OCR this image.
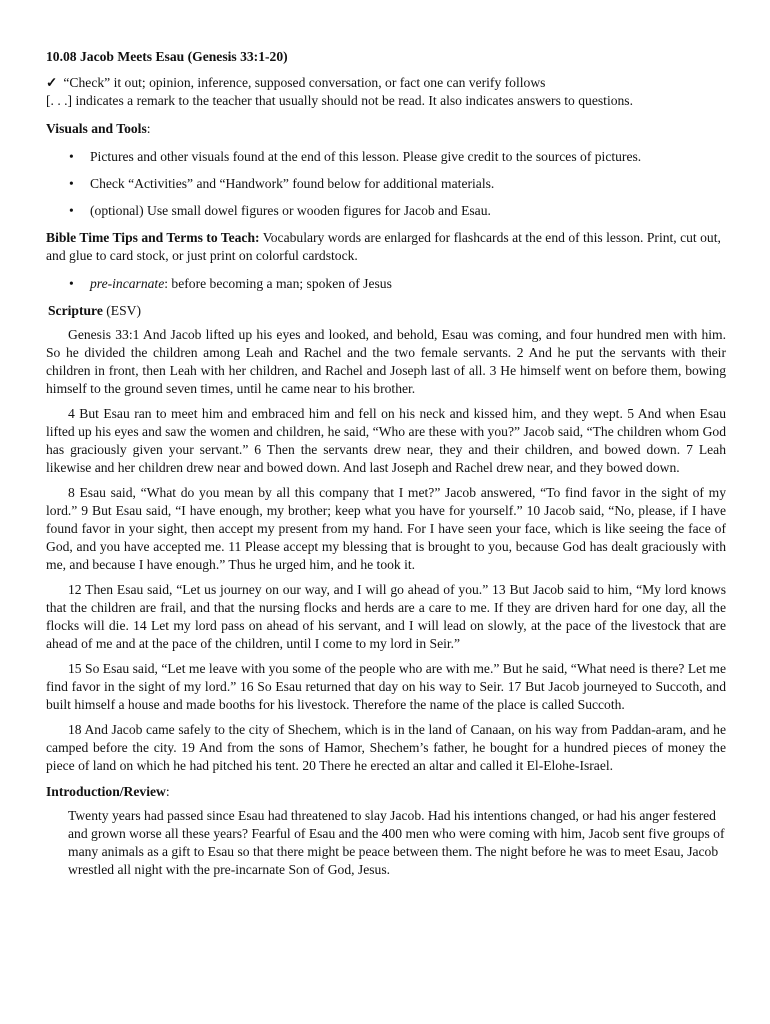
10.08 Jacob Meets Esau (Genesis 33:1-20)
✓ “Check” it out; opinion, inference, supposed conversation, or fact one can verify follows
[. . .] indicates a remark to the teacher that usually should not be read. It also indicates answers to questions.
Visuals and Tools:
• Pictures and other visuals found at the end of this lesson. Please give credit to the sources of pictures.
• Check “Activities” and “Handwork” found below for additional materials.
• (optional) Use small dowel figures or wooden figures for Jacob and Esau.
Bible Time Tips and Terms to Teach: Vocabulary words are enlarged for flashcards at the end of this lesson. Print, cut out, and glue to card stock, or just print on colorful cardstock.
• pre-incarnate: before becoming a man; spoken of Jesus
Scripture (ESV)

Genesis 33:1 And Jacob lifted up his eyes and looked, and behold, Esau was coming, and four hundred men with him. So he divided the children among Leah and Rachel and the two female servants. 2 And he put the servants with their children in front, then Leah with her children, and Rachel and Joseph last of all. 3 He himself went on before them, bowing himself to the ground seven times, until he came near to his brother.

4 But Esau ran to meet him and embraced him and fell on his neck and kissed him, and they wept. 5 And when Esau lifted up his eyes and saw the women and children, he said, “Who are these with you?” Jacob said, “The children whom God has graciously given your servant.” 6 Then the servants drew near, they and their children, and bowed down. 7 Leah likewise and her children drew near and bowed down. And last Joseph and Rachel drew near, and they bowed down.

8 Esau said, “What do you mean by all this company that I met?” Jacob answered, “To find favor in the sight of my lord.” 9 But Esau said, “I have enough, my brother; keep what you have for yourself.” 10 Jacob said, “No, please, if I have found favor in your sight, then accept my present from my hand. For I have seen your face, which is like seeing the face of God, and you have accepted me. 11 Please accept my blessing that is brought to you, because God has dealt graciously with me, and because I have enough.” Thus he urged him, and he took it.

12 Then Esau said, “Let us journey on our way, and I will go ahead of you.” 13 But Jacob said to him, “My lord knows that the children are frail, and that the nursing flocks and herds are a care to me. If they are driven hard for one day, all the flocks will die. 14 Let my lord pass on ahead of his servant, and I will lead on slowly, at the pace of the livestock that are ahead of me and at the pace of the children, until I come to my lord in Seir.”

15 So Esau said, “Let me leave with you some of the people who are with me.” But he said, “What need is there? Let me find favor in the sight of my lord.” 16 So Esau returned that day on his way to Seir. 17 But Jacob journeyed to Succoth, and built himself a house and made booths for his livestock. Therefore the name of the place is called Succoth.

18 And Jacob came safely to the city of Shechem, which is in the land of Canaan, on his way from Paddan-aram, and he camped before the city. 19 And from the sons of Hamor, Shechem’s father, he bought for a hundred pieces of money the piece of land on which he had pitched his tent. 20 There he erected an altar and called it El-Elohe-Israel.

Introduction/Review:

Twenty years had passed since Esau had threatened to slay Jacob. Had his intentions changed, or had his anger festered and grown worse all these years? Fearful of Esau and the 400 men who were coming with him, Jacob sent five groups of many animals as a gift to Esau so that there might be peace between them. The night before he was to meet Esau, Jacob wrestled all night with the pre-incarnate Son of God, Jesus.
